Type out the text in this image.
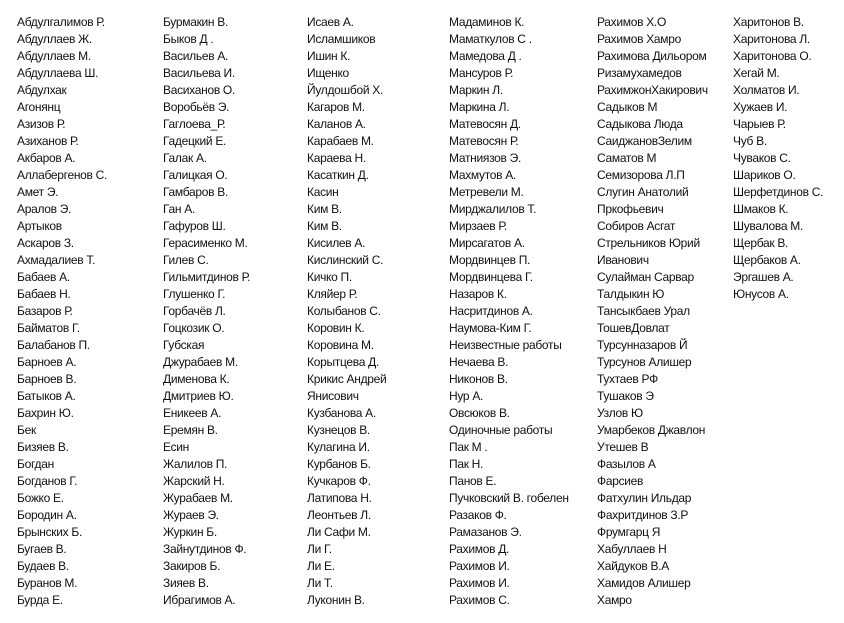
Абдулгалимов Р.
Абдуллаев Ж.
Абдуллаев М.
Абдуллаева Ш.
Абдулхак
Агонянц
Азизов Р.
Азиханов Р.
Акбаров А.
Аллабергенов С.
Амет Э.
Аралов Э.
Артыков
Аскаров З.
Ахмадалиев Т.
Бабаев А.
Бабаев Н.
Базаров Р.
Байматов Г.
Балабанов П.
Барноев А.
Барноев В.
Батыков А.
Бахрин Ю.
Бек
Бизяев В.
Богдан
Богданов Г.
Божко Е.
Бородин А.
Брынских Б.
Бугаев В.
Будаев В.
Буранов М.
Бурда Е.
Бурмакин В.
Быков Д .
Васильев А.
Васильева И.
Васиханов О.
Воробьёв Э.
Гаглоева_Р.
Гадецкий Е.
Галак А.
Галицкая О.
Гамбаров В.
Ган А.
Гафуров Ш.
Герасименко М.
Гилев С.
Гильмитдинов Р.
Глушенко Г.
Горбачёв Л.
Гоцкозик О.
Губская
Джурабаев М.
Дименова К.
Дмитриев Ю.
Еникеев А.
Еремян В.
Есин
Жалилов П.
Жарский Н.
Журабаев М.
Жураев Э.
Журкин Б.
Зайнутдинов Ф.
Закиров Б.
Зияев В.
Ибрагимов А.
Исаев А.
Исламшиков
Ишин К.
Ищенко
Йулдошбой Х.
Кагаров М.
Каланов А.
Карабаев М.
Караева Н.
Касаткин Д.
Касин
Ким В.
Ким В.
Кисилев А.
Кислинский С.
Кичко П.
Кляйер Р.
Колыбанов С.
Коровин К.
Коровина М.
Корытцева Д.
Крикис Андрей
Янисович
Кузбанова А.
Кузнецов В.
Кулагина И.
Курбанов Б.
Кучкаров Ф.
Латипова Н.
Леонтьев Л.
Ли Сафи М.
Ли Г.
Ли Е.
Ли Т.
Луконин В.
Мадаминов К.
Маматкулов С .
Мамедова Д .
Мансуров Р.
Маркин Л.
Маркина Л.
Матевосян Д.
Матевосян Р.
Матниязов Э.
Махмутов А.
Метревели М.
Мирджалилов Т.
Мирзаев Р.
Мирсагатов А.
Мордвинцев П.
Мордвинцева Г.
Назаров К.
Насритдинов А.
Наумова-Ким Г.
Неизвестные работы
Нечаева В.
Никонов В.
Нур А.
Овсюков В.
Одиночные работы
Пак М .
Пак Н.
Панов Е.
Пучковский В. гобелен
Разаков Ф.
Рамазанов Э.
Рахимов Д.
Рахимов И.
Рахимов И.
Рахимов С.
Рахимов Х.О
Рахимов Хамро
Рахимова Дильором
Ризамухамедов
РахимжонХакирович
Садыков М
Садыкова Люда
СаиджановЗелим
Саматов М
Семизорова Л.П
Слугин Анатолий
Пркофьевич
Собиров Асгат
Стрельников Юрий
Иванович
Сулайман Сарвар
Талдыкин Ю
Тансыкбаев Урал
ТошевДовлат
Турсунназаров Й
Турсунов Алишер
Тухтаев РФ
Тушаков Э
Узлов Ю
Умарбеков Джавлон
Утешев В
Фазылов А
Фарсиев
Фатхулин Ильдар
Фахритдинов З.Р
Фрумгарц Я
Хабуллаев Н
Хайдуков В.А
Хамидов Алишер
Хамро
Харитонов В.
Харитонова Л.
Харитонова О.
Хегай М.
Холматов И.
Хужаев И.
Чарыев Р.
Чуб В.
Чуваков С.
Шариков О.
Шерфетдинов С.
Шмаков К.
Шувалова М.
Щербак В.
Щербаков А.
Эргашев А.
Юнусов А.
